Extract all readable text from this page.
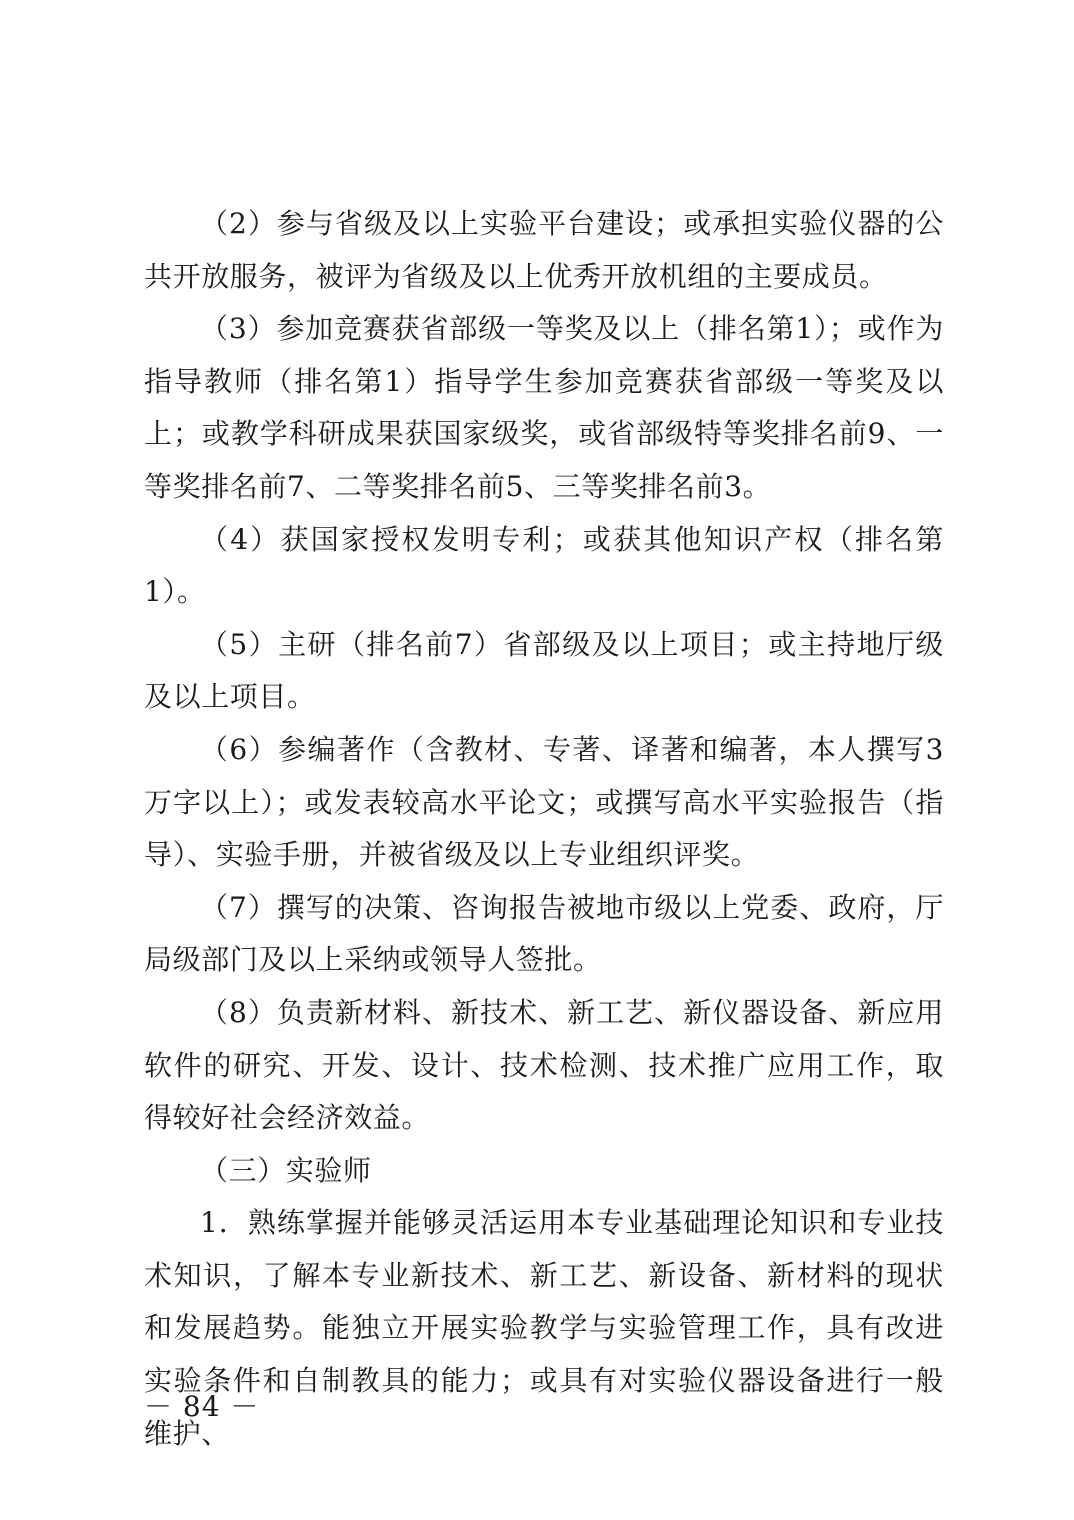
（2）参与省级及以上实验平台建设；或承担实验仪器的公共开放服务，被评为省级及以上优秀开放机组的主要成员。

（3）参加竞赛获省部级一等奖及以上（排名第1）；或作为指导教师（排名第1）指导学生参加竞赛获省部级一等奖及以上；或教学科研成果获国家级奖，或省部级特等奖排名前9、一等奖排名前7、二等奖排名前5、三等奖排名前3。

（4）获国家授权发明专利；或获其他知识产权（排名第1）。

（5）主研（排名前7）省部级及以上项目；或主持地厅级及以上项目。

（6）参编著作（含教材、专著、译著和编著，本人撰写3万字以上）；或发表较高水平论文；或撰写高水平实验报告（指导）、实验手册，并被省级及以上专业组织评奖。

（7）撰写的决策、咨询报告被地市级以上党委、政府，厅局级部门及以上采纳或领导人签批。

（8）负责新材料、新技术、新工艺、新仪器设备、新应用软件的研究、开发、设计、技术检测、技术推广应用工作，取得较好社会经济效益。

（三）实验师

1．熟练掌握并能够灵活运用本专业基础理论知识和专业技术知识，了解本专业新技术、新工艺、新设备、新材料的现状和发展趋势。能独立开展实验教学与实验管理工作，具有改进实验条件和自制教具的能力；或具有对实验仪器设备进行一般维护、

－ 84 －
